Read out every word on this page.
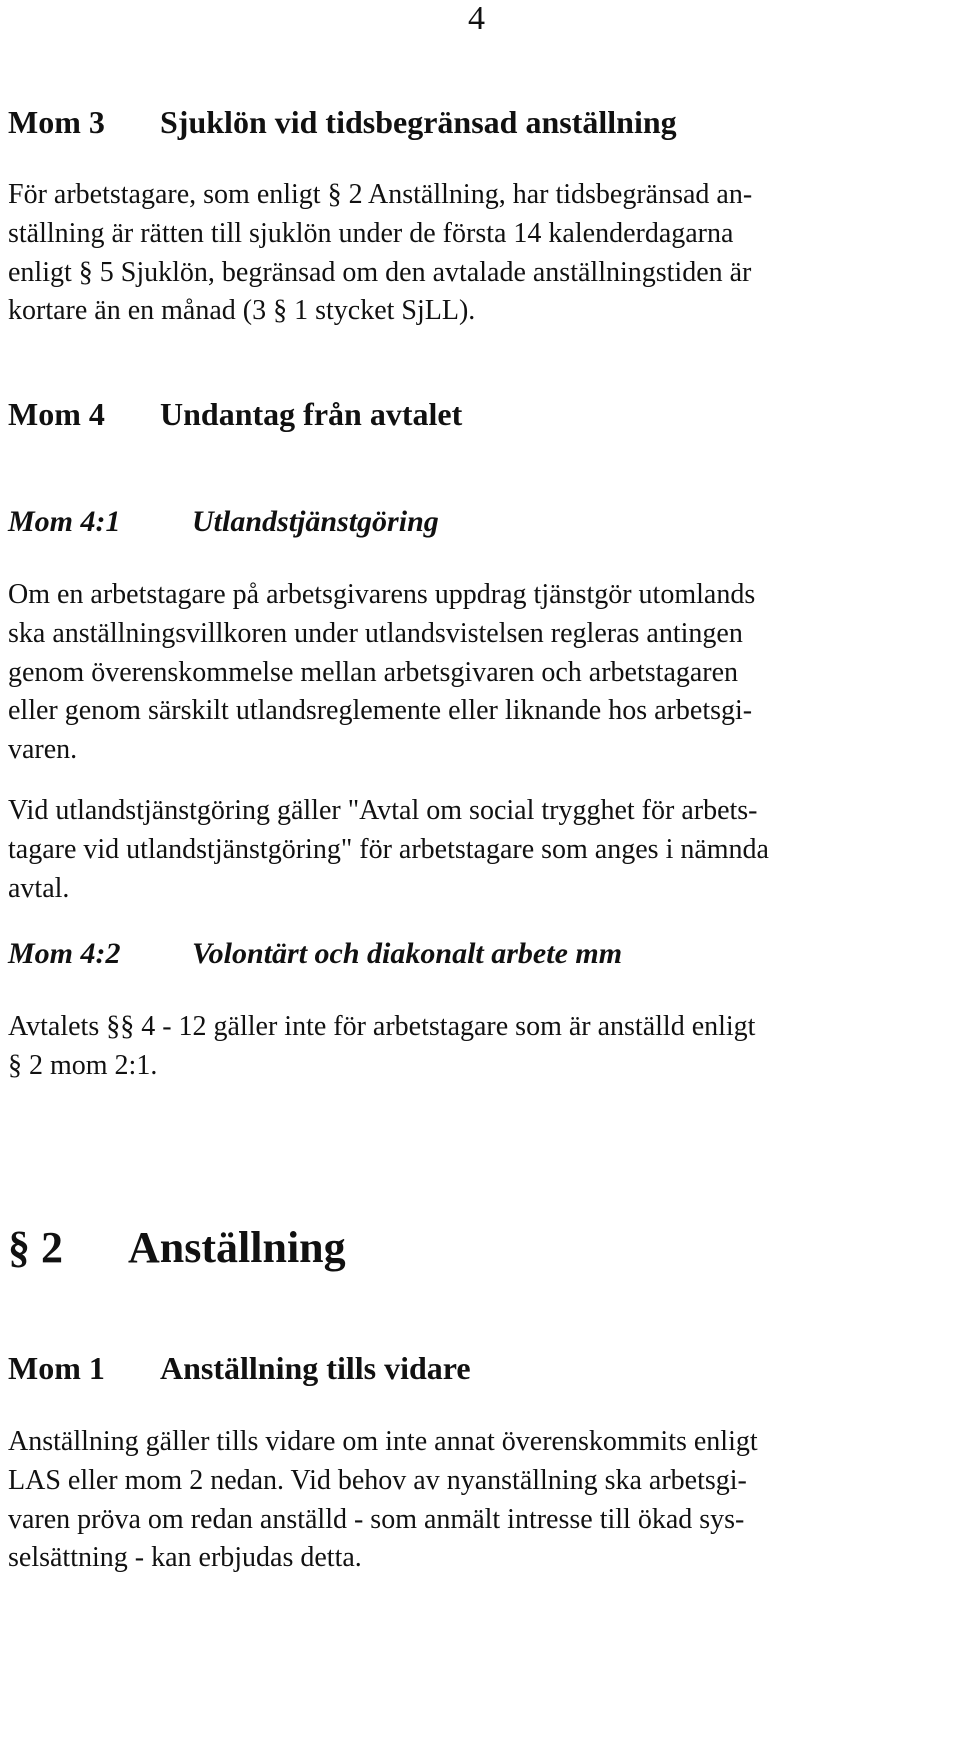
4
Mom 3 Sjuklön vid tidsbegränsad anställning
För arbetstagare, som enligt § 2 Anställning, har tidsbegränsad an-
ställning är rätten till sjuklön under de första 14 kalenderdagarna
enligt § 5 Sjuklön, begränsad om den avtalade anställningstiden är
kortare än en månad (3 § 1 stycket SjLL).
Mom 4 Undantag från avtalet
Mom 4:1 Utlandstjänstgöring
Om en arbetstagare på arbetsgivarens uppdrag tjänstgör utomlands
ska anställningsvillkoren under utlandsvistelsen regleras antingen
genom överenskommelse mellan arbetsgivaren och arbetstagaren
eller genom särskilt utlandsreglemente eller liknande hos arbetsgi-
varen.
Vid utlandstjänstgöring gäller "Avtal om social trygghet för arbets-
tagare vid utlandstjänstgöring" för arbetstagare som anges i nämnda
avtal.
Mom 4:2 Volontärt och diakonalt arbete mm
Avtalets §§ 4 - 12 gäller inte för arbetstagare som är anställd enligt
§ 2 mom 2:1.
§ 2 Anställning
Mom 1 Anställning tills vidare
Anställning gäller tills vidare om inte annat överenskommits enligt
LAS eller mom 2 nedan. Vid behov av nyanställning ska arbetsgi-
varen pröva om redan anställd - som anmält intresse till ökad sys-
selsättning - kan erbjudas detta.
